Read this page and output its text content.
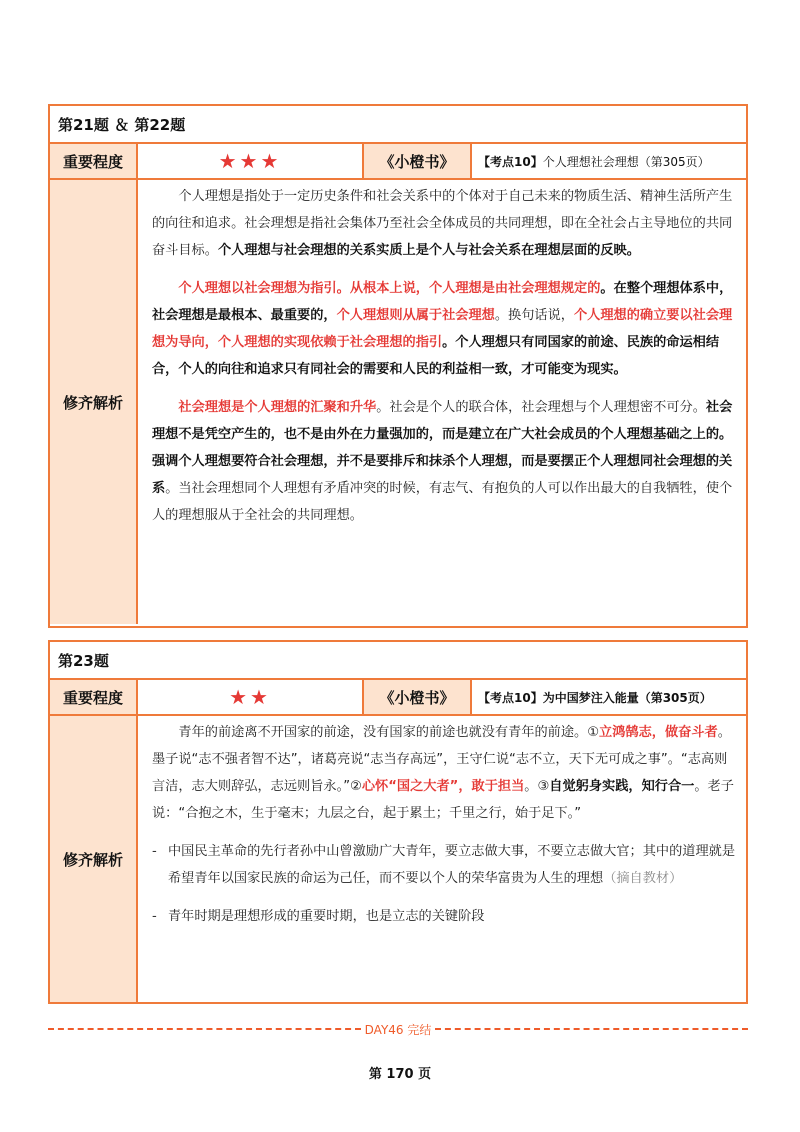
第21题 ＆ 第22题
重要程度	★★★	《小橙书》	【考点10】 个人理想社会理想（第305页）
修齐解析

个人理想是指处于一定历史条件和社会关系中的个体对于自己未来的物质生活、精神生活所产生的向往和追求。社会理想是指社会集体乃至社会全体成员的共同理想，即在全社会占主导地位的共同奋斗目标。个人理想与社会理想的关系实质上是个人与社会关系在理想层面的反映。

个人理想以社会理想为指引。从根本上说，个人理想是由社会理想规定的。在整个理想体系中，社会理想是最根本、最重要的，个人理想则从属于社会理想。换句话说，个人理想的确立要以社会理想为导向，个人理想的实现依赖于社会理想的指引。个人理想只有同国家的前途、民族的命运相结合，个人的向往和追求只有同社会的需要和人民的利益相一致，才可能变为现实。

社会理想是个人理想的汇聚和升华。社会是个人的联合体，社会理想与个人理想密不可分。社会理想不是凭空产生的，也不是由外在力量强加的，而是建立在广大社会成员的个人理想基础之上的。强调个人理想要符合社会理想，并不是要排斥和抹杀个人理想，而是要摆正个人理想同社会理想的关系。当社会理想同个人理想有矛盾冲突的时候，有志气、有抱负的人可以作出最大的自我牺牲，使个人的理想服从于全社会的共同理想。

第23题
重要程度	★★	《小橙书》	【考点10】为中国梦注入能量 （第305页）
修齐解析

青年的前途离不开国家的前途，没有国家的前途也就没有青年的前途。①立鸿鹄志，做奋斗者。墨子说“志不强者智不达”，诸葛亮说“志当存高远”，王守仁说“志不立，天下无可成之事”。“志高则言洁，志大则辞弘，志远则旨永。”②心怀“国之大者”，敢于担当。③自觉躬身实践，知行合一。老子说：“合抱之木，生于毫末；九层之台，起于累土；千里之行，始于足下。”

- 中国民主革命的先行者孙中山曾激励广大青年，要立志做大事，不要立志做大官；其中的道理就是希望青年以国家民族的命运为己任，而不要以个人的荣华富贵为人生的理想（摘自教材）

- 青年时期是理想形成的重要时期，也是立志的关键阶段

DAY46 完结
第 170 页
